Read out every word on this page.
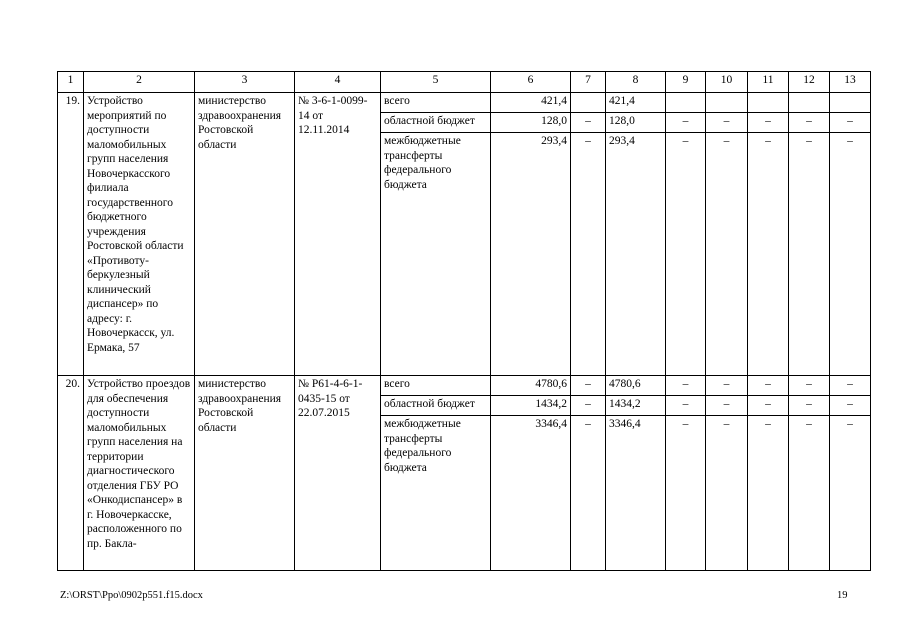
1	2	3	4	5	6	7	8	9	10	11	12	13
19.	Устройство мероприятий по доступности маломобильных групп населения Новочеркасского филиала государственного бюджетного учреждения Ростовской области «Противоту-беркулезный клинический диспансер» по адресу: г. Новочеркасск, ул. Ермака, 57	министерство здравоохранения Ростовской области	№ 3-6-1-0099-14 от 12.11.2014	всего	421,4		421,4					
				областной бюджет	128,0	–	128,0	–	–	–	–	–
				межбюджетные трансферты федерального бюджета	293,4	–	293,4	–	–	–	–	–
20.	Устройство проездов для обеспечения доступности маломобильных групп населения на территории диагностического отделения ГБУ РО «Онкодиспансер» в г. Новочеркасске, расположенного по пр. Бакла-	министерство здравоохранения Ростовской области	№ Р61-4-6-1-0435-15 от 22.07.2015	всего	4780,6	–	4780,6	–	–	–	–	–
				областной бюджет	1434,2	–	1434,2	–	–	–	–	–
				межбюджетные трансферты федерального бюджета	3346,4	–	3346,4	–	–	–	–	–
Z:\ORST\Ppo\0902p551.f15.docx	19
